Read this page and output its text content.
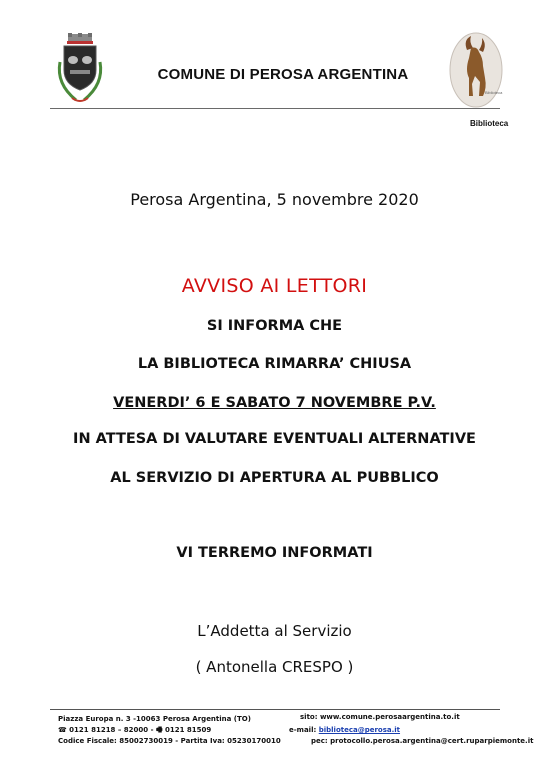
Biblioteca
COMUNE DI PEROSA ARGENTINA
Biblioteca
Perosa Argentina, 5 novembre 2020
AVVISO AI LETTORI
SI INFORMA CHE
LA BIBLIOTECA RIMARRA’ CHIUSA
VENERDI’ 6 E SABATO 7 NOVEMBRE P.V.
IN ATTESA DI VALUTARE EVENTUALI ALTERNATIVE
AL SERVIZIO DI APERTURA AL PUBBLICO
VI TERREMO INFORMATI
L’Addetta al Servizio
( Antonella CRESPO )
Piazza Europa n. 3 -10063 Perosa Argentina (TO)
☎ 0121 81218 – 82000 - 🖷 0121 81509
Codice Fiscale: 85002730019 - Partita Iva: 05230170010
sito: www.comune.perosaargentina.to.it
e-mail: biblioteca@perosa.it
pec: protocollo.perosa.argentina@cert.ruparpiemonte.it
